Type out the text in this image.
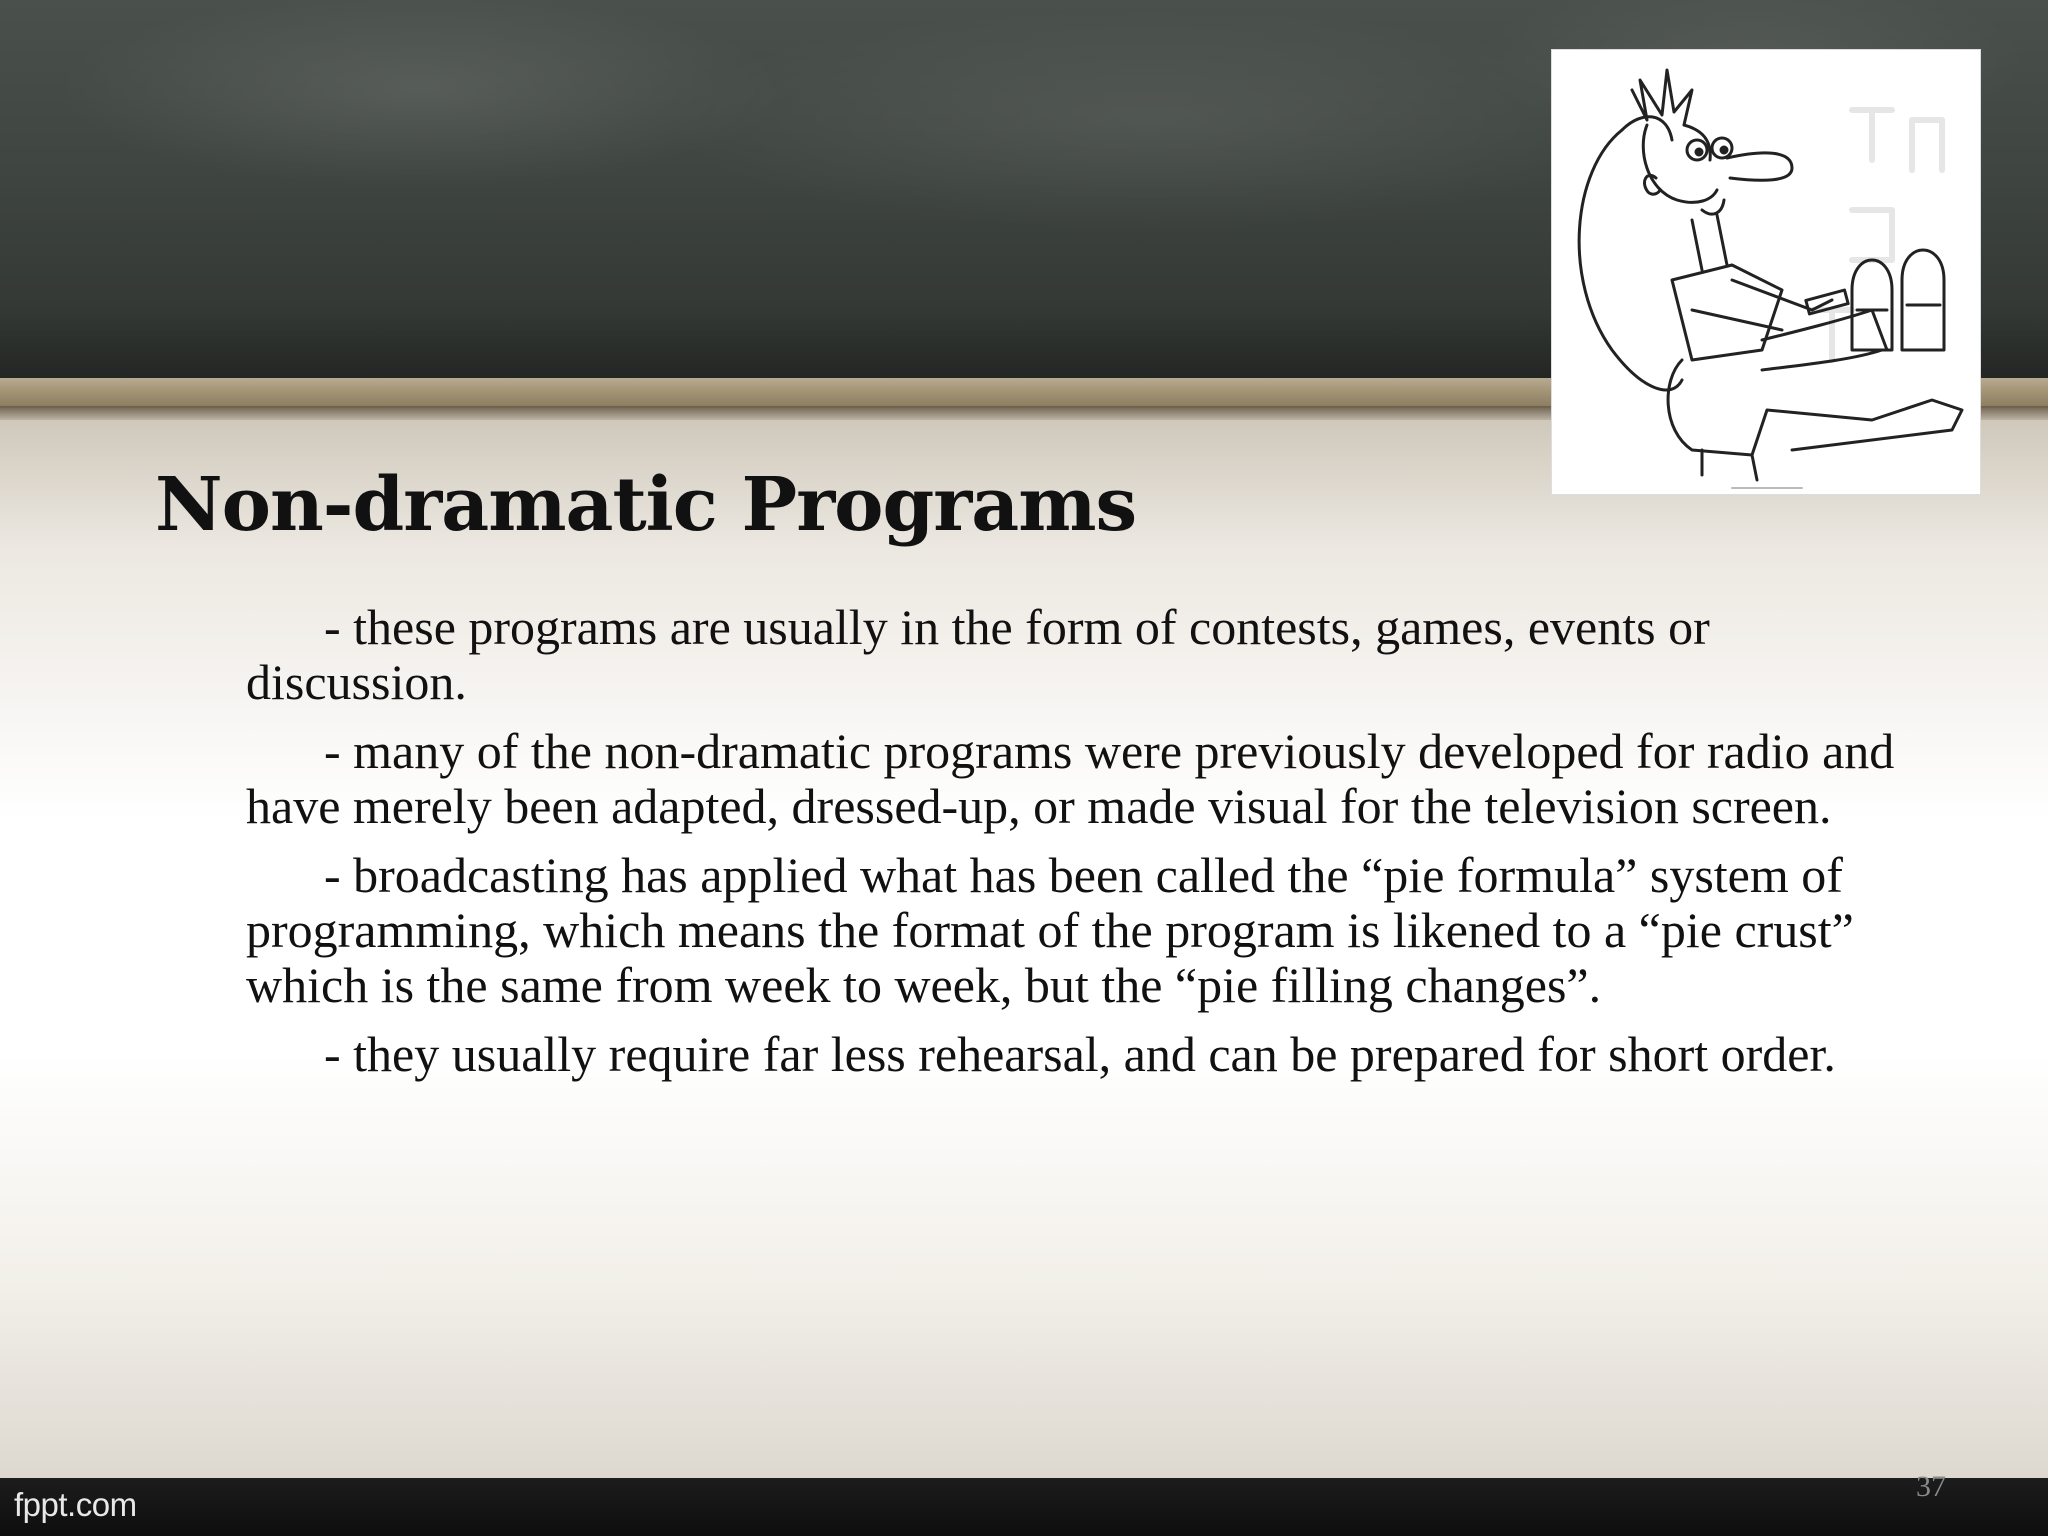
Non-dramatic Programs

- these programs are usually in the form of contests, games, events or discussion.

- many of the non-dramatic programs were previously developed for radio and have merely been adapted, dressed-up, or made visual for the television screen.

- broadcasting has applied what has been called the “pie formula” system of programming, which means the format of the program is likened to a “pie crust” which is the same from week to week, but the “pie filling changes”.

- they usually require far less rehearsal, and can be prepared for short order.

fppt.com	37
